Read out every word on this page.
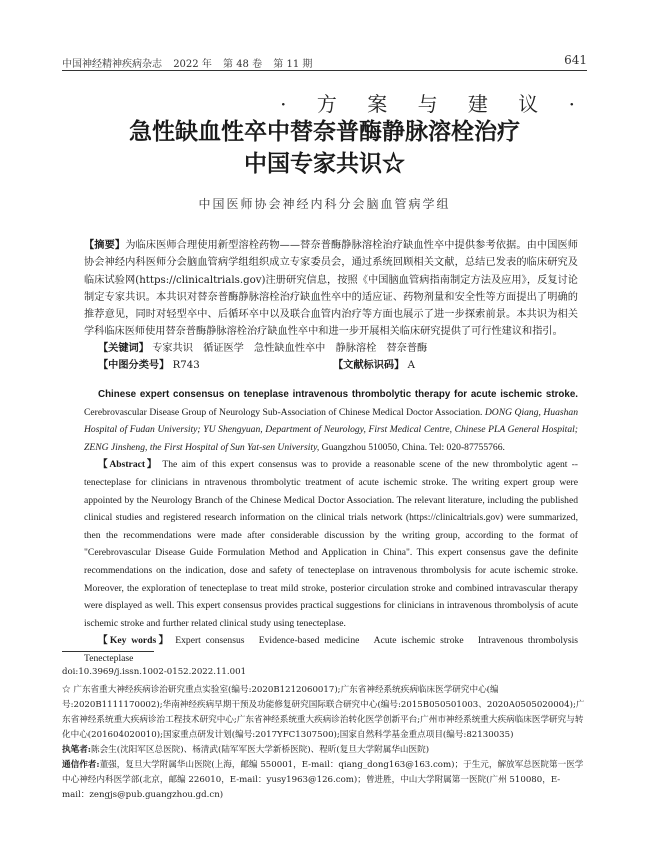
中国神经精神疾病杂志 2022 年 第 48 卷 第 11 期	641
· 方 案 与 建 议 ·
急性缺血性卒中替奈普酶静脉溶栓治疗
中国专家共识☆
中国医师协会神经内科分会脑血管病学组
【摘要】为临床医师合理使用新型溶栓药物——替奈普酶静脉溶栓治疗缺血性卒中提供参考依据。由中国医师协会神经内科医师分会脑血管病学组组织成立专家委员会，通过系统回顾相关文献，总结已发表的临床研究及临床试验网(https://clinicaltrials.gov)注册研究信息，按照《中国脑血管病指南制定方法及应用》，反复讨论制定专家共识。本共识对替奈普酶静脉溶栓治疗缺血性卒中的适应证、药物剂量和安全性等方面提出了明确的推荐意见，同时对轻型卒中、后循环卒中以及联合血管内治疗等方面也展示了进一步探索前景。本共识为相关学科临床医师使用替奈普酶静脉溶栓治疗缺血性卒中和进一步开展相关临床研究提供了可行性建议和指引。
【关键词】 专家共识　循证医学　急性缺血性卒中　静脉溶栓　替奈普酶
【中图分类号】 R743	【文献标识码】 A
Chinese expert consensus on teneplase intravenous thrombolytic therapy for acute ischemic stroke. Cerebrovascular Disease Group of Neurology Sub-Association of Chinese Medical Doctor Association. DONG Qiang, Huashan Hospital of Fudan University; YU Shengyuan, Department of Neurology, First Medical Centre, Chinese PLA General Hospital; ZENG Jinsheng, the First Hospital of Sun Yat-sen University, Guangzhou 510050, China. Tel: 020-87755766.
【Abstract】 The aim of this expert consensus was to provide a reasonable scene of the new thrombolytic agent --tenecteplase for clinicians in ntravenous thrombolytic treatment of acute ischemic stroke. The writing expert group were appointed by the Neurology Branch of the Chinese Medical Doctor Association. The relevant literature, including the published clinical studies and registered research information on the clinical trials network (https://clinicaltrials.gov) were summarized, then the recommendations were made after considerable discussion by the writing group, according to the format of "Cerebrovascular Disease Guide Formulation Method and Application in China". This expert consensus gave the definite recommendations on the indication, dose and safety of tenecteplase on intravenous thrombolysis for acute ischemic stroke. Moreover, the exploration of tenecteplase to treat mild stroke, posterior circulation stroke and combined intravascular therapy were displayed as well. This expert consensus provides practical suggestions for clinicians in intravenous thrombolysis of acute ischemic stroke and further related clinical study using tenecteplase.
【Key words】 Expert consensus　Evidence-based medicine　Acute ischemic stroke　Intravenous thrombolysis　Tenecteplase
doi:10.3969/j.issn.1002-0152.2022.11.001
☆ 广东省重大神经疾病诊治研究重点实验室(编号:2020B1212060017);广东省神经系统疾病临床医学研究中心(编号:2020B1111170002);华南神经疾病早期干预及功能修复研究国际联合研究中心(编号:2015B050501003、2020A0505020004);广东省神经系统重大疾病诊治工程技术研究中心;广东省神经系统重大疾病诊治转化医学创新平台;广州市神经系统重大疾病临床医学研究与转化中心(201604020010);国家重点研发计划(编号:2017YFC1307500);国家自然科学基金重点项目(编号:82130035)
执笔者:陈会生(沈阳军区总医院)、杨清武(陆军军医大学新桥医院)、程昕(复旦大学附属华山医院)
通信作者:董强，复旦大学附属华山医院(上海，邮编 550001，E-mail：qiang_dong163@163.com)；于生元，解放军总医院第一医学中心神经内科医学部(北京，邮编 226010，E-mail：yusy1963@126.com)；曾进胜，中山大学附属第一医院(广州 510080，E-mail：zengjs@pub.guangzhou.gd.cn)
